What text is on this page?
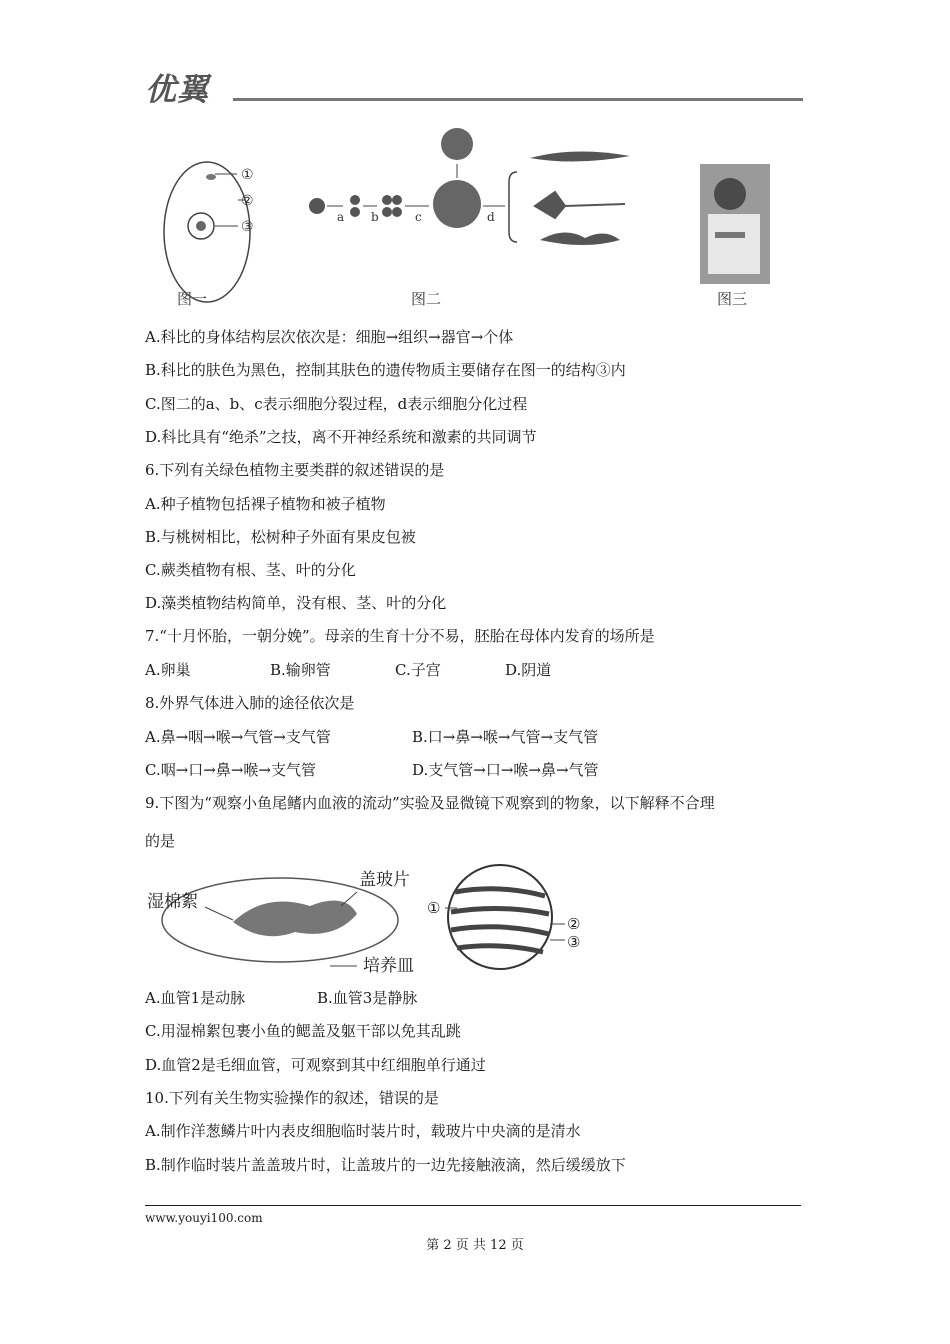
优翼
①
②
③
a b	c	d
图一	图二	图三
A.科比的身体结构层次依次是：细胞→组织→器官→个体
B.科比的肤色为黑色，控制其肤色的遗传物质主要储存在图一的结构③内
C.图二的a、b、c表示细胞分裂过程，d表示细胞分化过程
D.科比具有“绝杀”之技，离不开神经系统和激素的共同调节
6.下列有关绿色植物主要类群的叙述错误的是
A.种子植物包括裸子植物和被子植物
B.与桃树相比，松树种子外面有果皮包被
C.蕨类植物有根、茎、叶的分化
D.藻类植物结构简单，没有根、茎、叶的分化
7.“十月怀胎，一朝分娩”。母亲的生育十分不易，胚胎在母体内发育的场所是
A.卵巢	B.输卵管	C.子宫	D.阴道
8.外界气体进入肺的途径依次是
A.鼻→咽→喉→气管→支气管	B.口→鼻→喉→气管→支气管
C.咽→口→鼻→喉→支气管	D.支气管→口→喉→鼻→气管
9.下图为“观察小鱼尾鳍内血液的流动”实验及显微镜下观察到的物象，以下解释不合理
的是
湿棉絮
盖玻片
培养皿
①
②
③
A.血管1是动脉	B.血管3是静脉
C.用湿棉絮包裹小鱼的鳃盖及躯干部以免其乱跳
D.血管2是毛细血管，可观察到其中红细胞单行通过
10.下列有关生物实验操作的叙述，错误的是
A.制作洋葱鳞片叶内表皮细胞临时装片时，载玻片中央滴的是清水
B.制作临时装片盖盖玻片时，让盖玻片的一边先接触液滴，然后缓缓放下
www.youyi100.com
第 2 页 共 12 页
